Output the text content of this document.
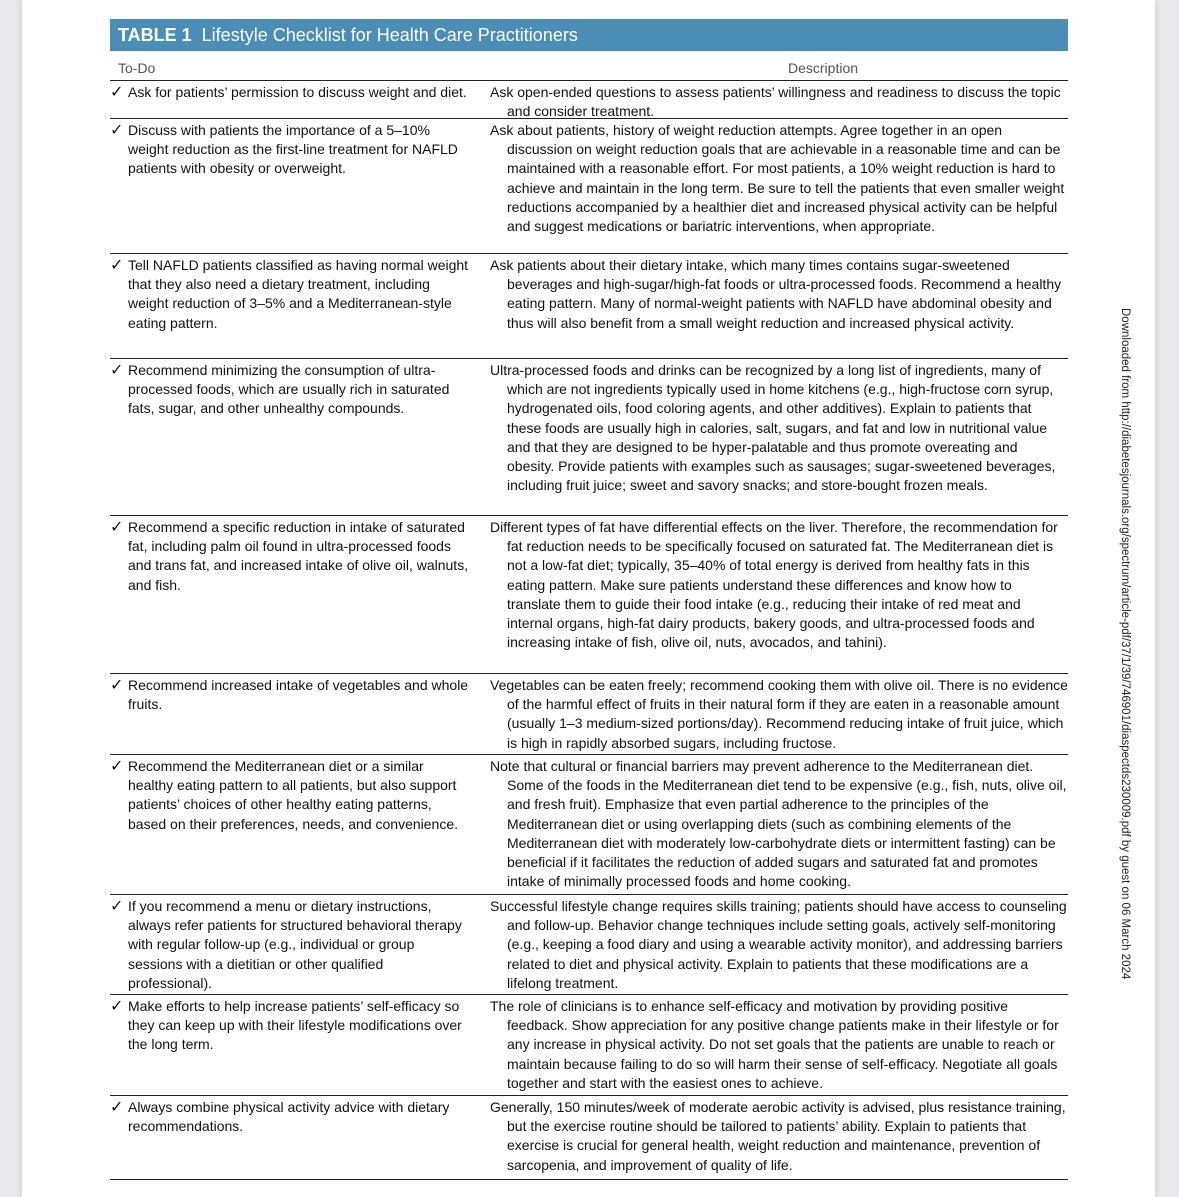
TABLE 1 Lifestyle Checklist for Health Care Practitioners
To-Do	Description
✓ Ask for patients’ permission to discuss weight and diet.	Ask open-ended questions to assess patients’ willingness and readiness to discuss the topic and consider treatment.
✓ Discuss with patients the importance of a 5–10% weight reduction as the first-line treatment for NAFLD patients with obesity or overweight.
Ask about patients, history of weight reduction attempts. Agree together in an open discussion on weight reduction goals that are achievable in a reasonable time and can be maintained with a reasonable effort. For most patients, a 10% weight reduction is hard to achieve and maintain in the long term. Be sure to tell the patients that even smaller weight reductions accompanied by a healthier diet and increased physical activity can be helpful and suggest medications or bariatric interventions, when appropriate.
✓ Tell NAFLD patients classified as having normal weight that they also need a dietary treatment, including weight reduction of 3–5% and a Mediterranean-style eating pattern.
Ask patients about their dietary intake, which many times contains sugar-sweetened beverages and high-sugar/high-fat foods or ultra-processed foods. Recommend a healthy eating pattern. Many of normal-weight patients with NAFLD have abdominal obesity and thus will also benefit from a small weight reduction and increased physical activity.
✓ Recommend minimizing the consumption of ultra-processed foods, which are usually rich in saturated fats, sugar, and other unhealthy compounds.
Ultra-processed foods and drinks can be recognized by a long list of ingredients, many of which are not ingredients typically used in home kitchens (e.g., high-fructose corn syrup, hydrogenated oils, food coloring agents, and other additives). Explain to patients that these foods are usually high in calories, salt, sugars, and fat and low in nutritional value and that they are designed to be hyper-palatable and thus promote overeating and obesity. Provide patients with examples such as sausages; sugar-sweetened beverages, including fruit juice; sweet and savory snacks; and store-bought frozen meals.
✓ Recommend a specific reduction in intake of saturated fat, including palm oil found in ultra-processed foods and trans fat, and increased intake of olive oil, walnuts, and fish.
Different types of fat have differential effects on the liver. Therefore, the recommendation for fat reduction needs to be specifically focused on saturated fat. The Mediterranean diet is not a low-fat diet; typically, 35–40% of total energy is derived from healthy fats in this eating pattern. Make sure patients understand these differences and know how to translate them to guide their food intake (e.g., reducing their intake of red meat and internal organs, high-fat dairy products, bakery goods, and ultra-processed foods and increasing intake of fish, olive oil, nuts, avocados, and tahini).
✓ Recommend increased intake of vegetables and whole fruits.
Vegetables can be eaten freely; recommend cooking them with olive oil. There is no evidence of the harmful effect of fruits in their natural form if they are eaten in a reasonable amount (usually 1–3 medium-sized portions/day). Recommend reducing intake of fruit juice, which is high in rapidly absorbed sugars, including fructose.
✓ Recommend the Mediterranean diet or a similar healthy eating pattern to all patients, but also support patients’ choices of other healthy eating patterns, based on their preferences, needs, and convenience.
Note that cultural or financial barriers may prevent adherence to the Mediterranean diet. Some of the foods in the Mediterranean diet tend to be expensive (e.g., fish, nuts, olive oil, and fresh fruit). Emphasize that even partial adherence to the principles of the Mediterranean diet or using overlapping diets (such as combining elements of the Mediterranean diet with moderately low-carbohydrate diets or intermittent fasting) can be beneficial if it facilitates the reduction of added sugars and saturated fat and promotes intake of minimally processed foods and home cooking.
✓ If you recommend a menu or dietary instructions, always refer patients for structured behavioral therapy with regular follow-up (e.g., individual or group sessions with a dietitian or other qualified professional).
Successful lifestyle change requires skills training; patients should have access to counseling and follow-up. Behavior change techniques include setting goals, actively self-monitoring (e.g., keeping a food diary and using a wearable activity monitor), and addressing barriers related to diet and physical activity. Explain to patients that these modifications are a lifelong treatment.
✓ Make efforts to help increase patients’ self-efficacy so they can keep up with their lifestyle modifications over the long term.
The role of clinicians is to enhance self-efficacy and motivation by providing positive feedback. Show appreciation for any positive change patients make in their lifestyle or for any increase in physical activity. Do not set goals that the patients are unable to reach or maintain because failing to do so will harm their sense of self-efficacy. Negotiate all goals together and start with the easiest ones to achieve.
✓ Always combine physical activity advice with dietary recommendations.
Generally, 150 minutes/week of moderate aerobic activity is advised, plus resistance training, but the exercise routine should be tailored to patients’ ability. Explain to patients that exercise is crucial for general health, weight reduction and maintenance, prevention of sarcopenia, and improvement of quality of life.
Downloaded from http://diabetesjournals.org/spectrum/article-pdf/37/1/39/746901/diaspectds230009.pdf by guest on 06 March 2024
